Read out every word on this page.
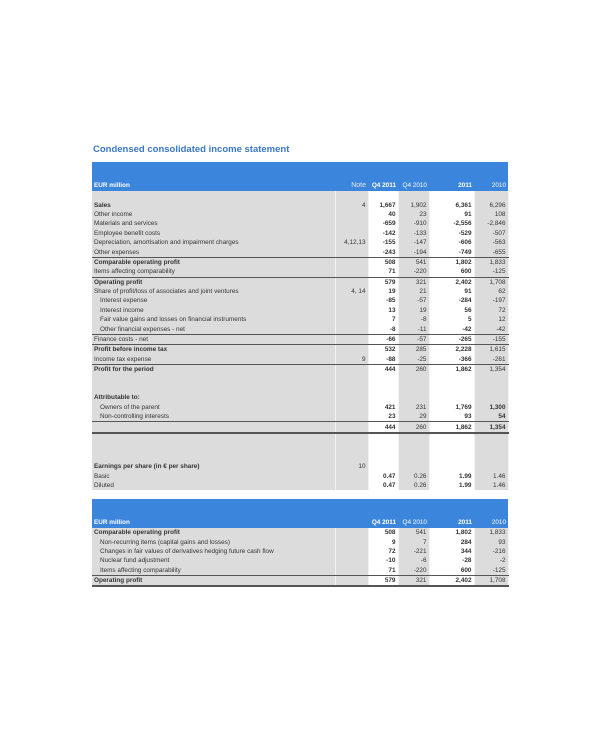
Condensed consolidated income statement
EUR million	Note	Q4 2011	Q4 2010	2011	2010

Sales	4	1,667	1,902	6,361	6,296
Other income		40	23	91	108
Materials and services		-659	-910	-2,556	-2,846
Employee benefit costs		-142	-133	-529	-507
Depreciation, amortisation and impairment charges	4,12,13	-155	-147	-606	-563
Other expenses		-243	-194	-749	-655
Comparable operating profit		508	541	1,802	1,833
Items affecting comparability		71	-220	600	-125
Operating profit		579	321	2,402	1,708
Share of profit/loss of associates and joint ventures	4, 14	19	21	91	62
Interest expense		-85	-57	-284	-197
Interest income		13	19	56	72
Fair value gains and losses on financial instruments		7	-8	5	12
Other financial expenses - net		-8	-11	-42	-42
Finance costs - net		-66	-57	-265	-155
Profit before income tax		532	285	2,228	1,615
Income tax expense	9	-88	-25	-366	-261
Profit for the period		444	260	1,862	1,354

Attributable to:					
Owners of the parent		421	231	1,769	1,300
Non-controlling interests		23	29	93	54
		444	260	1,862	1,354

Earnings per share (in € per share)	10				
Basic		0.47	0.26	1.99	1.46
Diluted		0.47	0.26	1.99	1.46
EUR million		Q4 2011	Q4 2010	2011	2010
Comparable operating profit		508	541	1,802	1,833
Non-recurring items (capital gains and losses)		9	7	284	93
Changes in fair values of derivatives hedging future cash flow		72	-221	344	-216
Nuclear fund adjustment		-10	-6	-28	-2
Items affecting comparability		71	-220	600	-125
Operating profit		579	321	2,402	1,708
